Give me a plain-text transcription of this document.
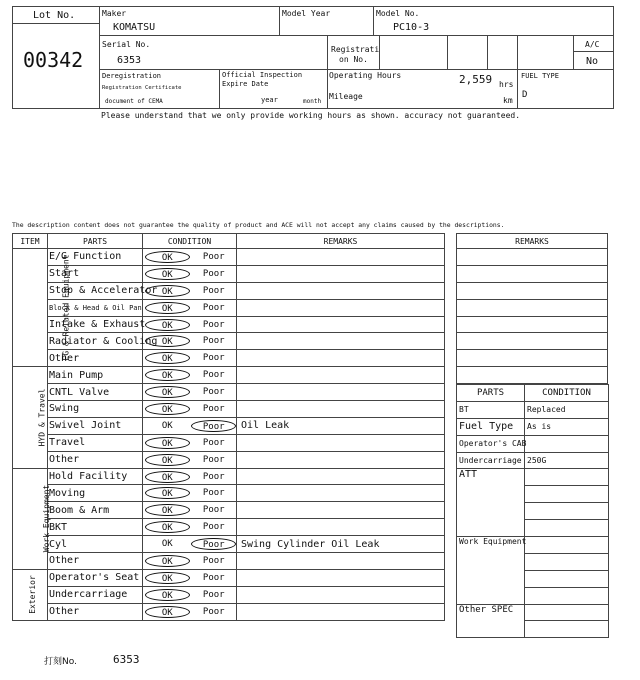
Lot No.
00342
Maker
KOMATSU
Model Year	Model No.
PC10-3
Serial No.
6353
Registrati
on No.
A/C
No
Deregistration
Registration Certificate
document of CEMA
Official Inspection
Expire Date
year	month
Operating Hours	2,559 hrs
Mileage	km
FUEL TYPE
D
Please understand that we only provide working hours as shown. accuracy not guaranteed.
The description content does not guarantee the quality of product and ACE will not accept any claims caused by the descriptions.
ITEM	PARTS	CONDITION	REMARKS
EG & Related Equipment	E/G Function	OK Poor	

	Start	OK Poor	

	Stop & Accelerator	OK Poor	

	Block & Head & Oil Pan	OK Poor	

	Intake & Exhaust	OK Poor	

	Radiator & Cooling	OK Poor	

	Other	OK Poor	

HYD & Travel	Main Pump	OK Poor	

	CNTL Valve	OK Poor	

	Swing	OK Poor	

	Swivel Joint	OK Poor	Oil Leak
	Travel	OK Poor	

	Other	OK Poor	

Work Equipment	Hold Facility	OK Poor	

	Moving	OK Poor	

	Boom & Arm	OK Poor	

	BKT	OK Poor	

	Cyl	OK Poor	Swing Cylinder Oil Leak
	Other	OK Poor	

Exterior	Operator's Seat	OK Poor	

	Undercarriage	OK Poor	

	Other	OK Poor	

REMARKS

PARTS	CONDITION
BT	Replaced
Fuel Type	As is
Operator's CAB	
Undercarriage	250G
ATT	

Work Equipment	

Other SPEC	

打刻No.	6353
